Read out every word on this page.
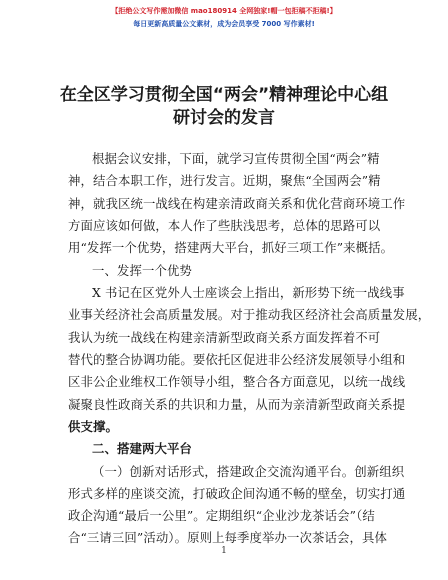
【拒绝公文写作需加微信 mao180914 全网独家!帽一包拒稿不拒稿!】
每日更新高质量公文素材，成为会员享受 7000 写作素材!
在全区学习贯彻全国“两会”精神理论中心组
研讨会的发言
根据会议安排，下面，就学习宣传贯彻全国“两会”精
神，结合本职工作，进行发言。近期，聚焦“全国两会”精
神，就我区统一战线在构建亲清政商关系和优化营商环境工作
方面应该如何做，本人作了些肤浅思考，总体的思路可以
用“发挥一个优势，搭建两大平台，抓好三项工作”来概括。
一、发挥一个优势
X 书记在区党外人士座谈会上指出，新形势下统一战线事
业事关经济社会高质量发展。对于推动我区经济社会高质量发展，
我认为统一战线在构建亲清新型政商关系方面发挥着不可
替代的整合协调功能。要依托区促进非公经济发展领导小组和
区非公企业维权工作领导小组，整合各方面意见，以统一战线
凝聚良性政商关系的共识和力量，从而为亲清新型政商关系提
供支撑。
二、搭建两大平台
（一）创新对话形式，搭建政企交流沟通平台。创新组织
形式多样的座谈交流，打破政企间沟通不畅的壁垒，切实打通
政企沟通“最后一公里”。定期组织“企业沙龙茶话会”（结
合“三请三回”活动）。原则上每季度举办一次茶话会，具体
1
